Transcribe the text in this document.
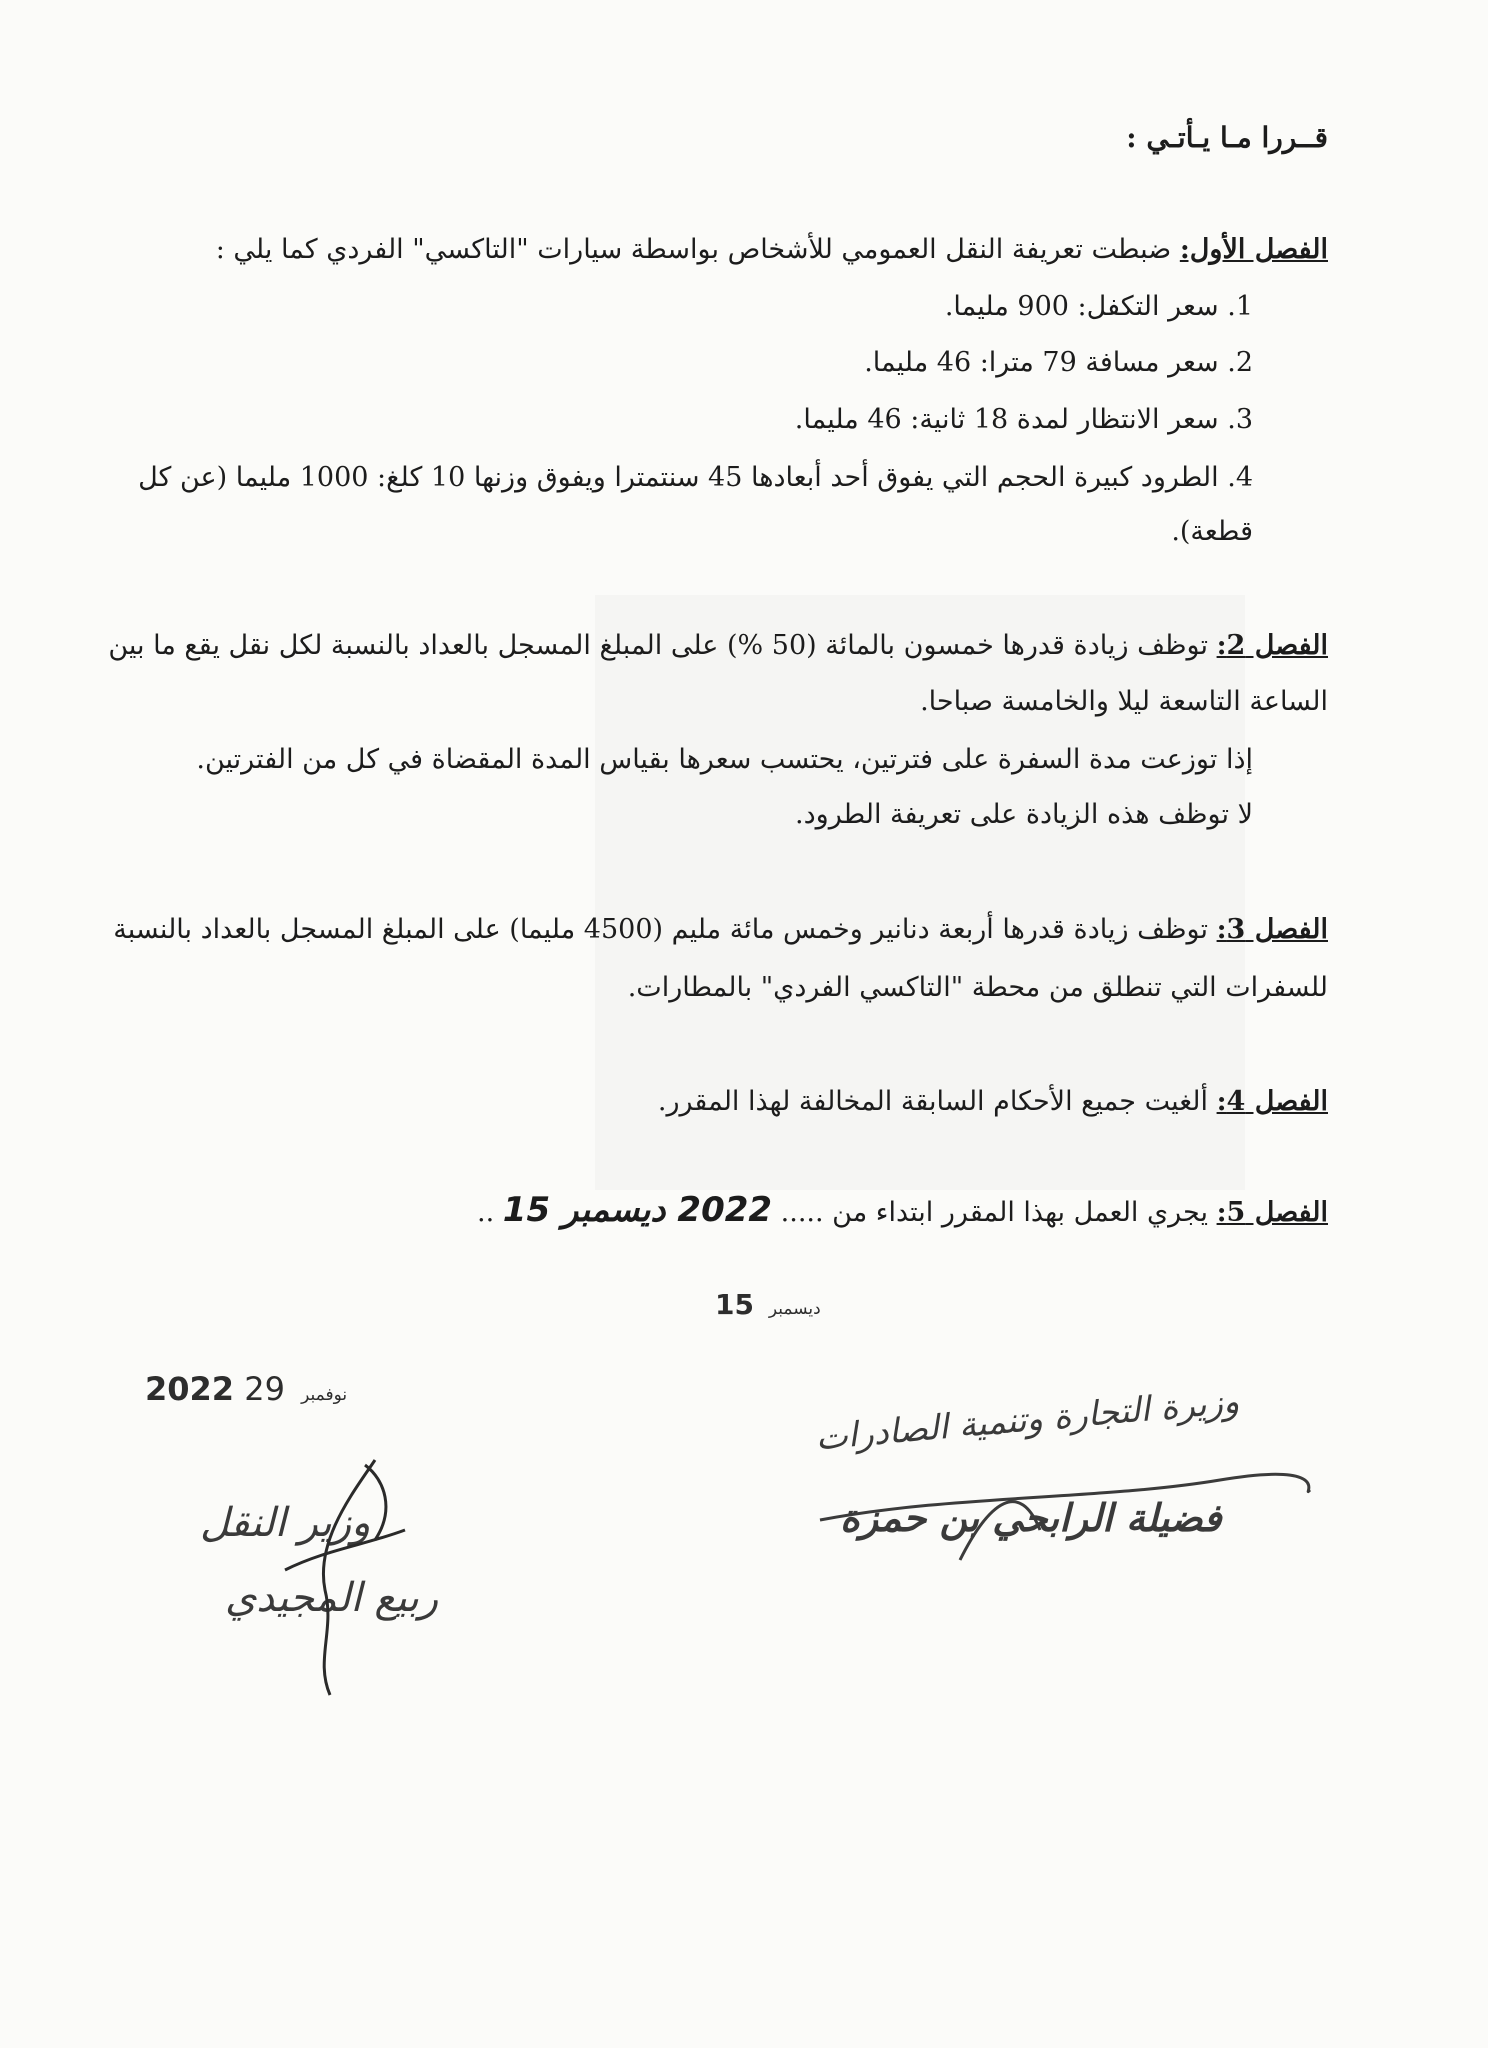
قــررا مـا يـأتـي :
الفصل الأول: ضبطت تعريفة النقل العمومي للأشخاص بواسطة سيارات "التاكسي" الفردي كما يلي :
1. سعر التكفل: 900 مليما.
2. سعر مسافة 79 مترا: 46 مليما.
3. سعر الانتظار لمدة 18 ثانية: 46 مليما.
4. الطرود كبيرة الحجم التي يفوق أحد أبعادها 45 سنتمترا ويفوق وزنها 10 كلغ: 1000 مليما (عن كل
قطعة).
الفصل 2: توظف زيادة قدرها خمسون بالمائة (50 %) على المبلغ المسجل بالعداد بالنسبة لكل نقل يقع ما بين
الساعة التاسعة ليلا والخامسة صباحا.
إذا توزعت مدة السفرة على فترتين، يحتسب سعرها بقياس المدة المقضاة في كل من الفترتين.
لا توظف هذه الزيادة على تعريفة الطرود.
الفصل 3: توظف زيادة قدرها أربعة دنانير وخمس مائة مليم (4500 مليما) على المبلغ المسجل بالعداد بالنسبة
للسفرات التي تنطلق من محطة "التاكسي الفردي" بالمطارات.
الفصل 4: ألغيت جميع الأحكام السابقة المخالفة لهذا المقرر.
الفصل 5: يجري العمل بهذا المقرر ابتداء من ..... 2022 ديسمبر 15 ..
ديسمبر 15
2022	نوفمبر 29	وزيرة التجارة وتنمية الصادرات
فضيلة الرابحي بن حمزة
وزير النقل
ربيع المجيدي
